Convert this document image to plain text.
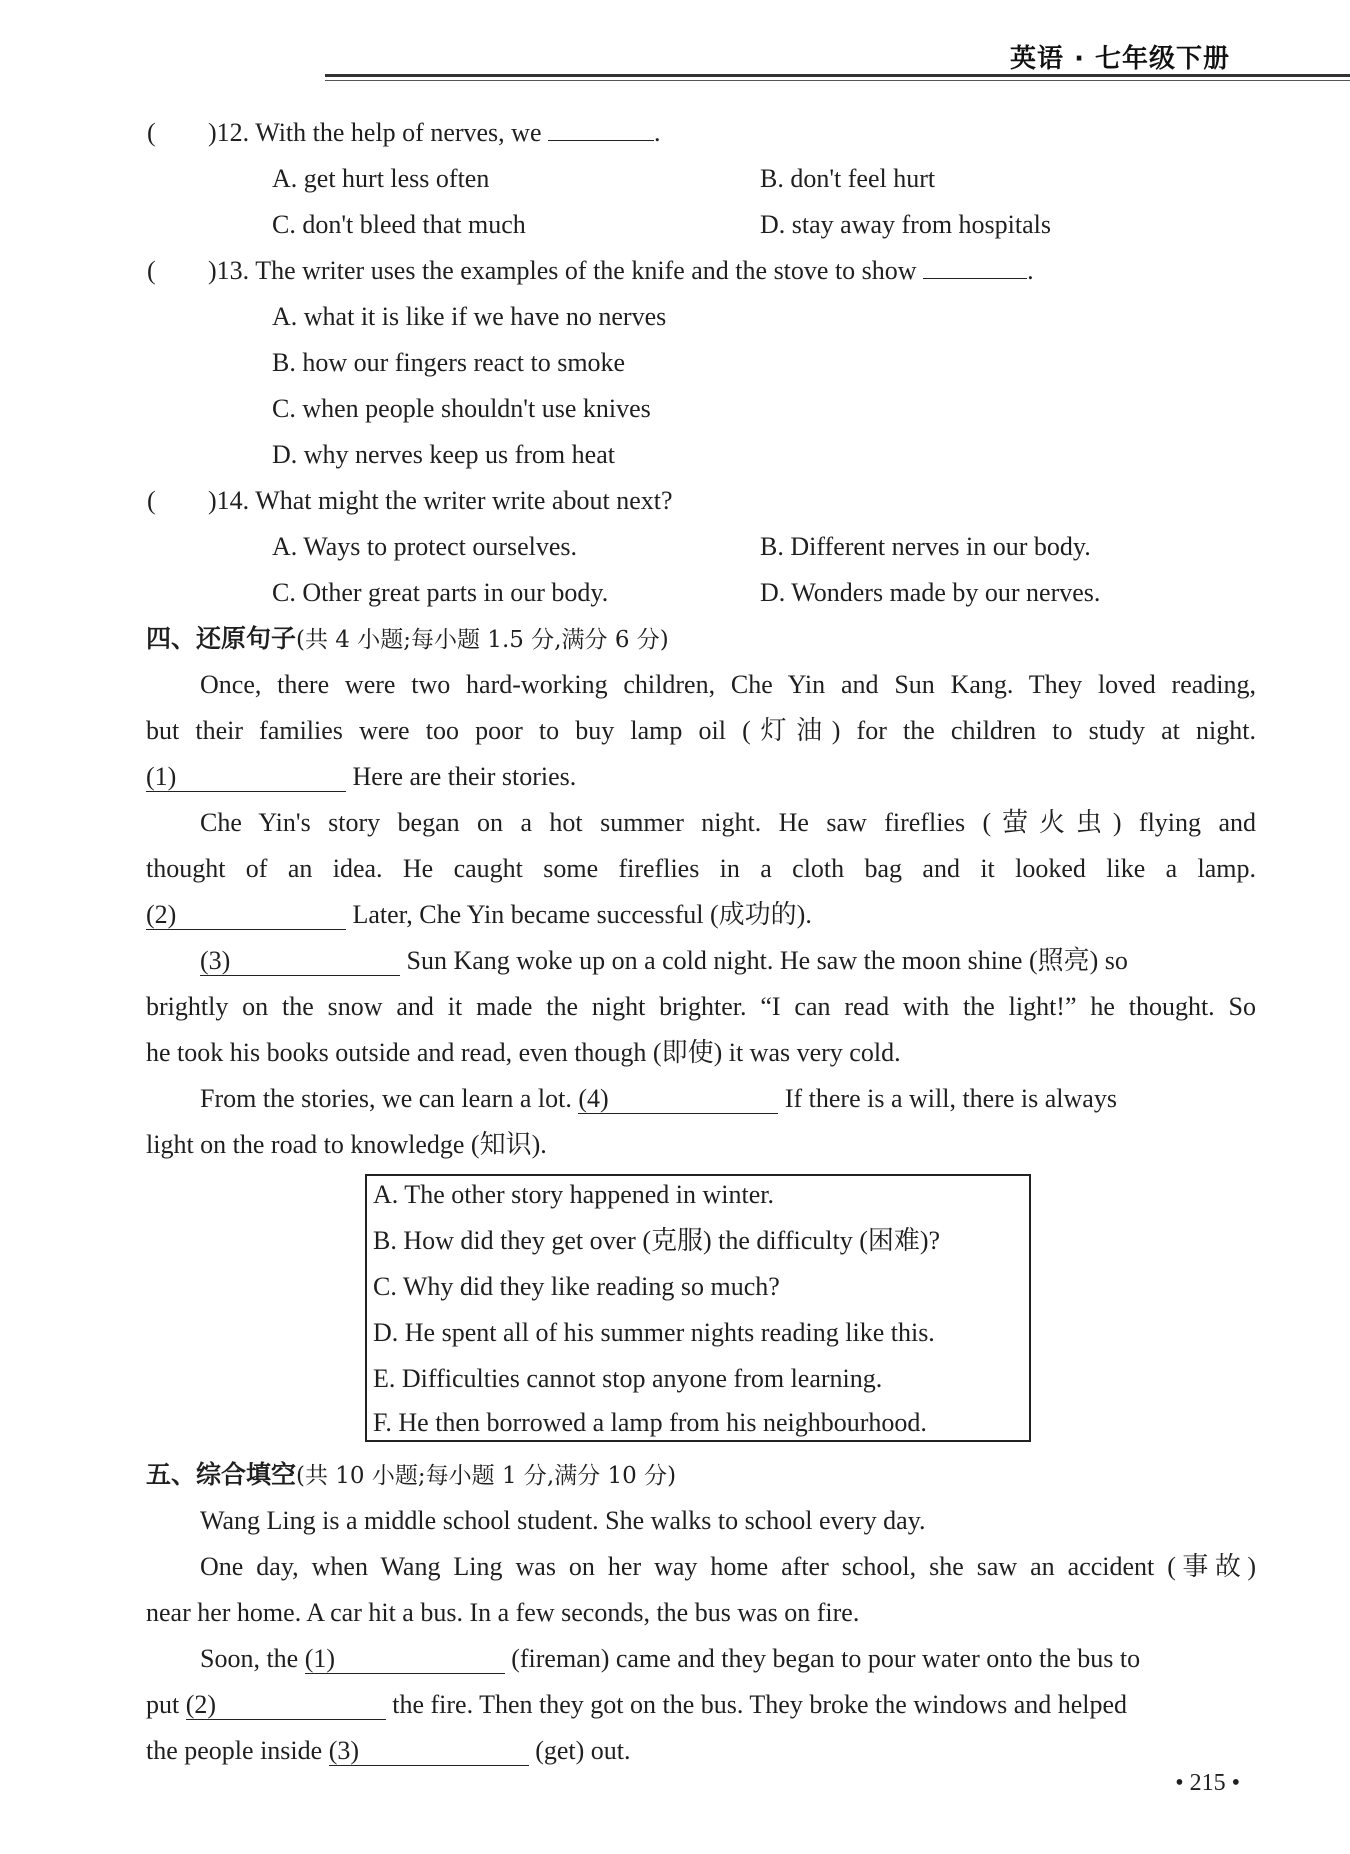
英语 · 七年级下册
( )12. With the help of nerves, we	.
A. get hurt less often	B. don't feel hurt
C. don't bleed that much	D. stay away from hospitals
( )13. The writer uses the examples of the knife and the stove to show	.
A. what it is like if we have no nerves
B. how our fingers react to smoke
C. when people shouldn't use knives
D. why nerves keep us from heat
( )14. What might the writer write about next?
A. Ways to protect ourselves.	B. Different nerves in our body.
C. Other great parts in our body.	D. Wonders made by our nerves.
四、还原句子(共 4 小题;每小题 1.5 分,满分 6 分)
Once, there were two hard-working children, Che Yin and Sun Kang. They loved reading,
but their families were too poor to buy lamp oil (灯油) for the children to study at night.
(1)	Here are their stories.
Che Yin's story began on a hot summer night. He saw fireflies (萤火虫) flying and
thought of an idea. He caught some fireflies in a cloth bag and it looked like a lamp.
(2)	Later, Che Yin became successful (成功的).
(3)	Sun Kang woke up on a cold night. He saw the moon shine (照亮) so
brightly on the snow and it made the night brighter. “I can read with the light!” he thought. So
he took his books outside and read, even though (即使) it was very cold.
From the stories, we can learn a lot. (4)	If there is a will, there is always
light on the road to knowledge (知识).
A. The other story happened in winter.
B. How did they get over (克服) the difficulty (困难)?
C. Why did they like reading so much?
D. He spent all of his summer nights reading like this.
E. Difficulties cannot stop anyone from learning.
F. He then borrowed a lamp from his neighbourhood.
五、综合填空(共 10 小题;每小题 1 分,满分 10 分)
Wang Ling is a middle school student. She walks to school every day.
One day, when Wang Ling was on her way home after school, she saw an accident (事故)
near her home. A car hit a bus. In a few seconds, the bus was on fire.
Soon, the (1)	(fireman) came and they began to pour water onto the bus to
put (2)	the fire. Then they got on the bus. They broke the windows and helped
the people inside (3)	(get) out.
• 215 •
